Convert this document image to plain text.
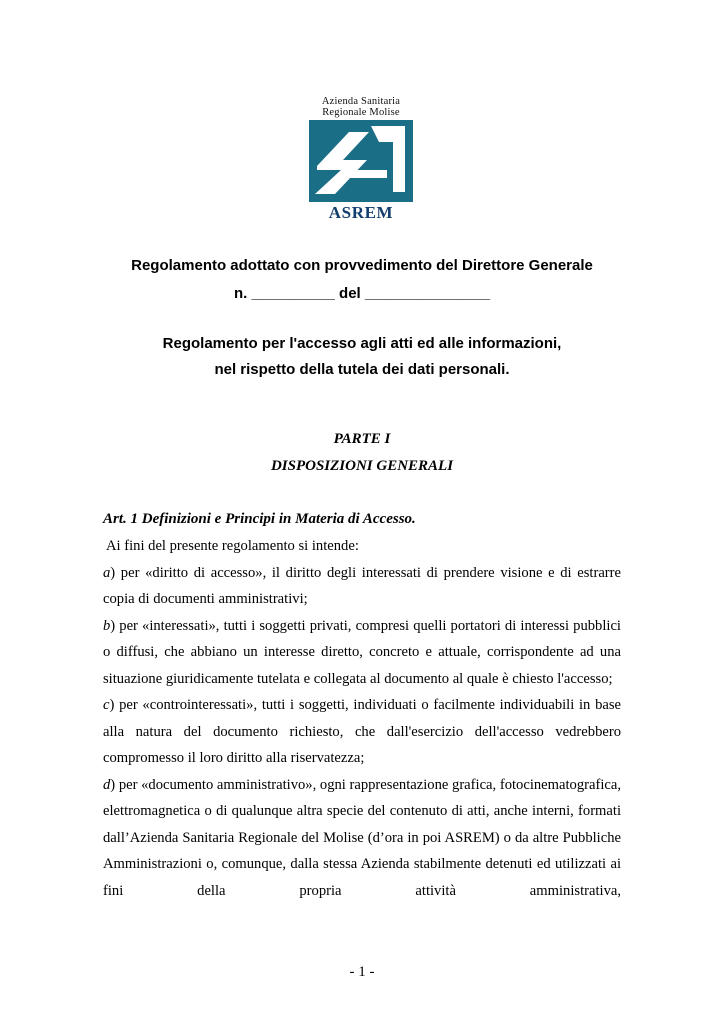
Azienda Sanitaria
Regionale Molise
ASREM
Regolamento adottato con provvedimento del Direttore Generale
n. __________ del _______________
Regolamento per l'accesso agli atti ed alle informazioni,
nel rispetto della tutela dei dati personali.
PARTE I
DISPOSIZIONI GENERALI
Art. 1 Definizioni e Principi in Materia di Accesso.

Ai fini del presente regolamento si intende:

a) per «diritto di accesso», il diritto degli interessati di prendere visione e di estrarre copia di documenti amministrativi;

b) per «interessati», tutti i soggetti privati, compresi quelli portatori di interessi pubblici o diffusi, che abbiano un interesse diretto, concreto e attuale, corrispondente ad una situazione giuridicamente tutelata e collegata al documento al quale è chiesto l'accesso;

c) per «controinteressati», tutti i soggetti, individuati o facilmente individuabili in base alla natura del documento richiesto, che dall'esercizio dell'accesso vedrebbero compromesso il loro diritto alla riservatezza;

d) per «documento amministrativo», ogni rappresentazione grafica, fotocinematografica, elettromagnetica o di qualunque altra specie del contenuto di atti, anche interni, formati dall’Azienda Sanitaria Regionale del Molise (d’ora in poi ASREM) o da altre Pubbliche Amministrazioni o, comunque, dalla stessa Azienda stabilmente detenuti ed utilizzati ai fini della propria attività amministrativa,

- 1 -
